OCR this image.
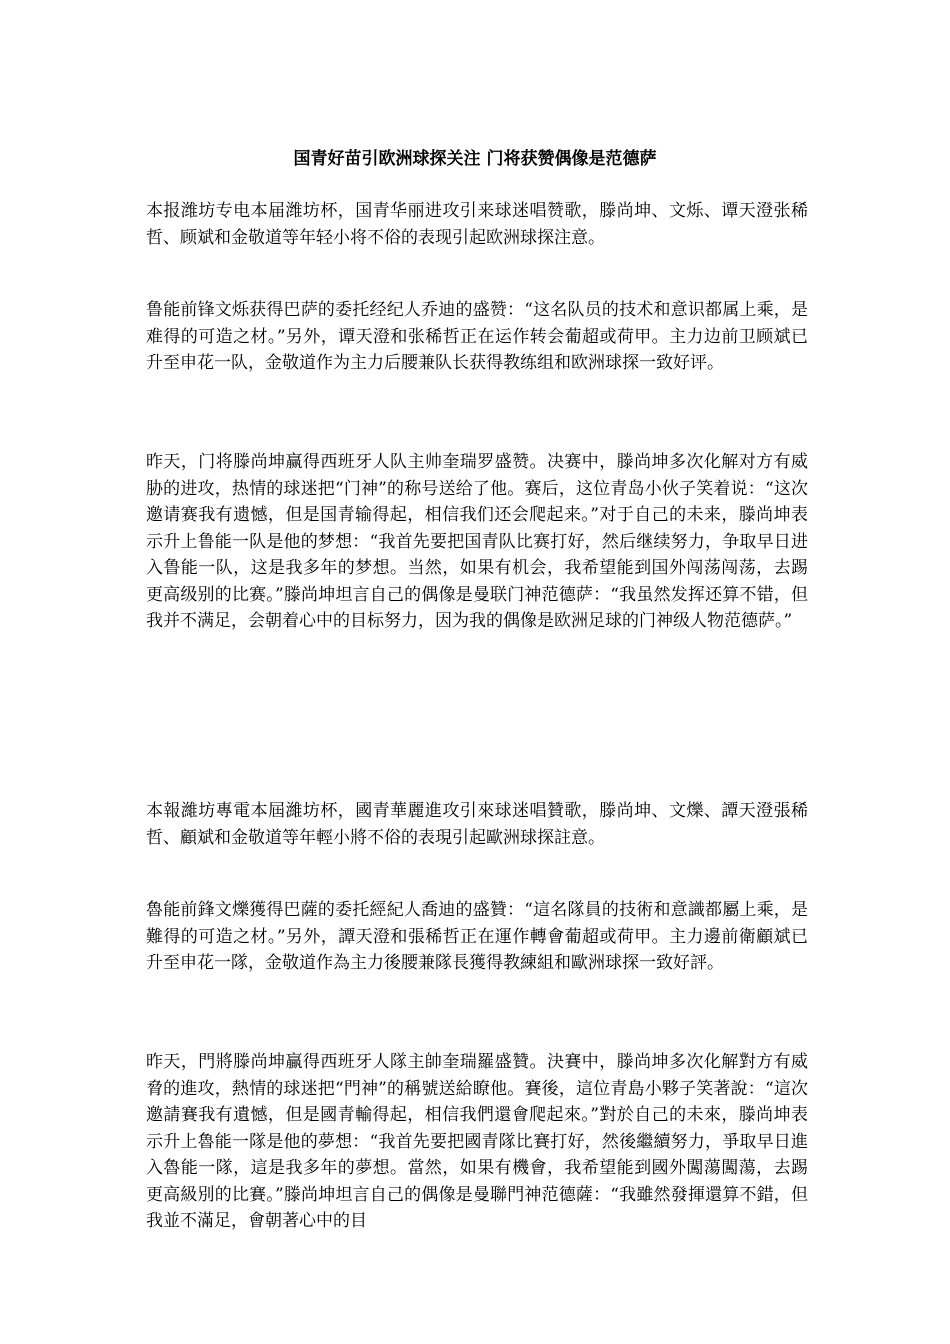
国青好苗引欧洲球探关注 门将获赞偶像是范德萨

本报潍坊专电本届潍坊杯，国青华丽进攻引来球迷唱赞歌，滕尚坤、文烁、谭天澄张稀哲、顾斌和金敬道等年轻小将不俗的表现引起欧洲球探注意。

鲁能前锋文烁获得巴萨的委托经纪人乔迪的盛赞：“这名队员的技术和意识都属上乘，是难得的可造之材。”另外，谭天澄和张稀哲正在运作转会葡超或荷甲。主力边前卫顾斌已升至申花一队，金敬道作为主力后腰兼队长获得教练组和欧洲球探一致好评。

昨天，门将滕尚坤赢得西班牙人队主帅奎瑞罗盛赞。决赛中，滕尚坤多次化解对方有威胁的进攻，热情的球迷把“门神”的称号送给了他。赛后，这位青岛小伙子笑着说：“这次邀请赛我有遗憾，但是国青输得起，相信我们还会爬起来。”对于自己的未来，滕尚坤表示升上鲁能一队是他的梦想：“我首先要把国青队比赛打好，然后继续努力，争取早日进入鲁能一队，这是我多年的梦想。当然，如果有机会，我希望能到国外闯荡闯荡，去踢更高级别的比赛。”滕尚坤坦言自己的偶像是曼联门神范德萨：“我虽然发挥还算不错，但我并不满足，会朝着心中的目标努力，因为我的偶像是欧洲足球的门神级人物范德萨。”

本報濰坊專電本屆濰坊杯，國青華麗進攻引來球迷唱贊歌，滕尚坤、文爍、譚天澄張稀哲、顧斌和金敬道等年輕小將不俗的表現引起歐洲球探註意。

魯能前鋒文爍獲得巴薩的委托經紀人喬迪的盛贊：“這名隊員的技術和意識都屬上乘，是難得的可造之材。”另外，譚天澄和張稀哲正在運作轉會葡超或荷甲。主力邊前衛顧斌已升至申花一隊，金敬道作為主力後腰兼隊長獲得教練組和歐洲球探一致好評。

昨天，門將滕尚坤贏得西班牙人隊主帥奎瑞羅盛贊。決賽中，滕尚坤多次化解對方有威脅的進攻，熱情的球迷把“門神”的稱號送給瞭他。賽後，這位青島小夥子笑著說：“這次邀請賽我有遺憾，但是國青輸得起，相信我們還會爬起來。”對於自己的未來，滕尚坤表示升上魯能一隊是他的夢想：“我首先要把國青隊比賽打好，然後繼續努力，爭取早日進入魯能一隊，這是我多年的夢想。當然，如果有機會，我希望能到國外闖蕩闖蕩，去踢更高級別的比賽。”滕尚坤坦言自己的偶像是曼聯門神范德薩：“我雖然發揮還算不錯，但我並不滿足，會朝著心中的目
